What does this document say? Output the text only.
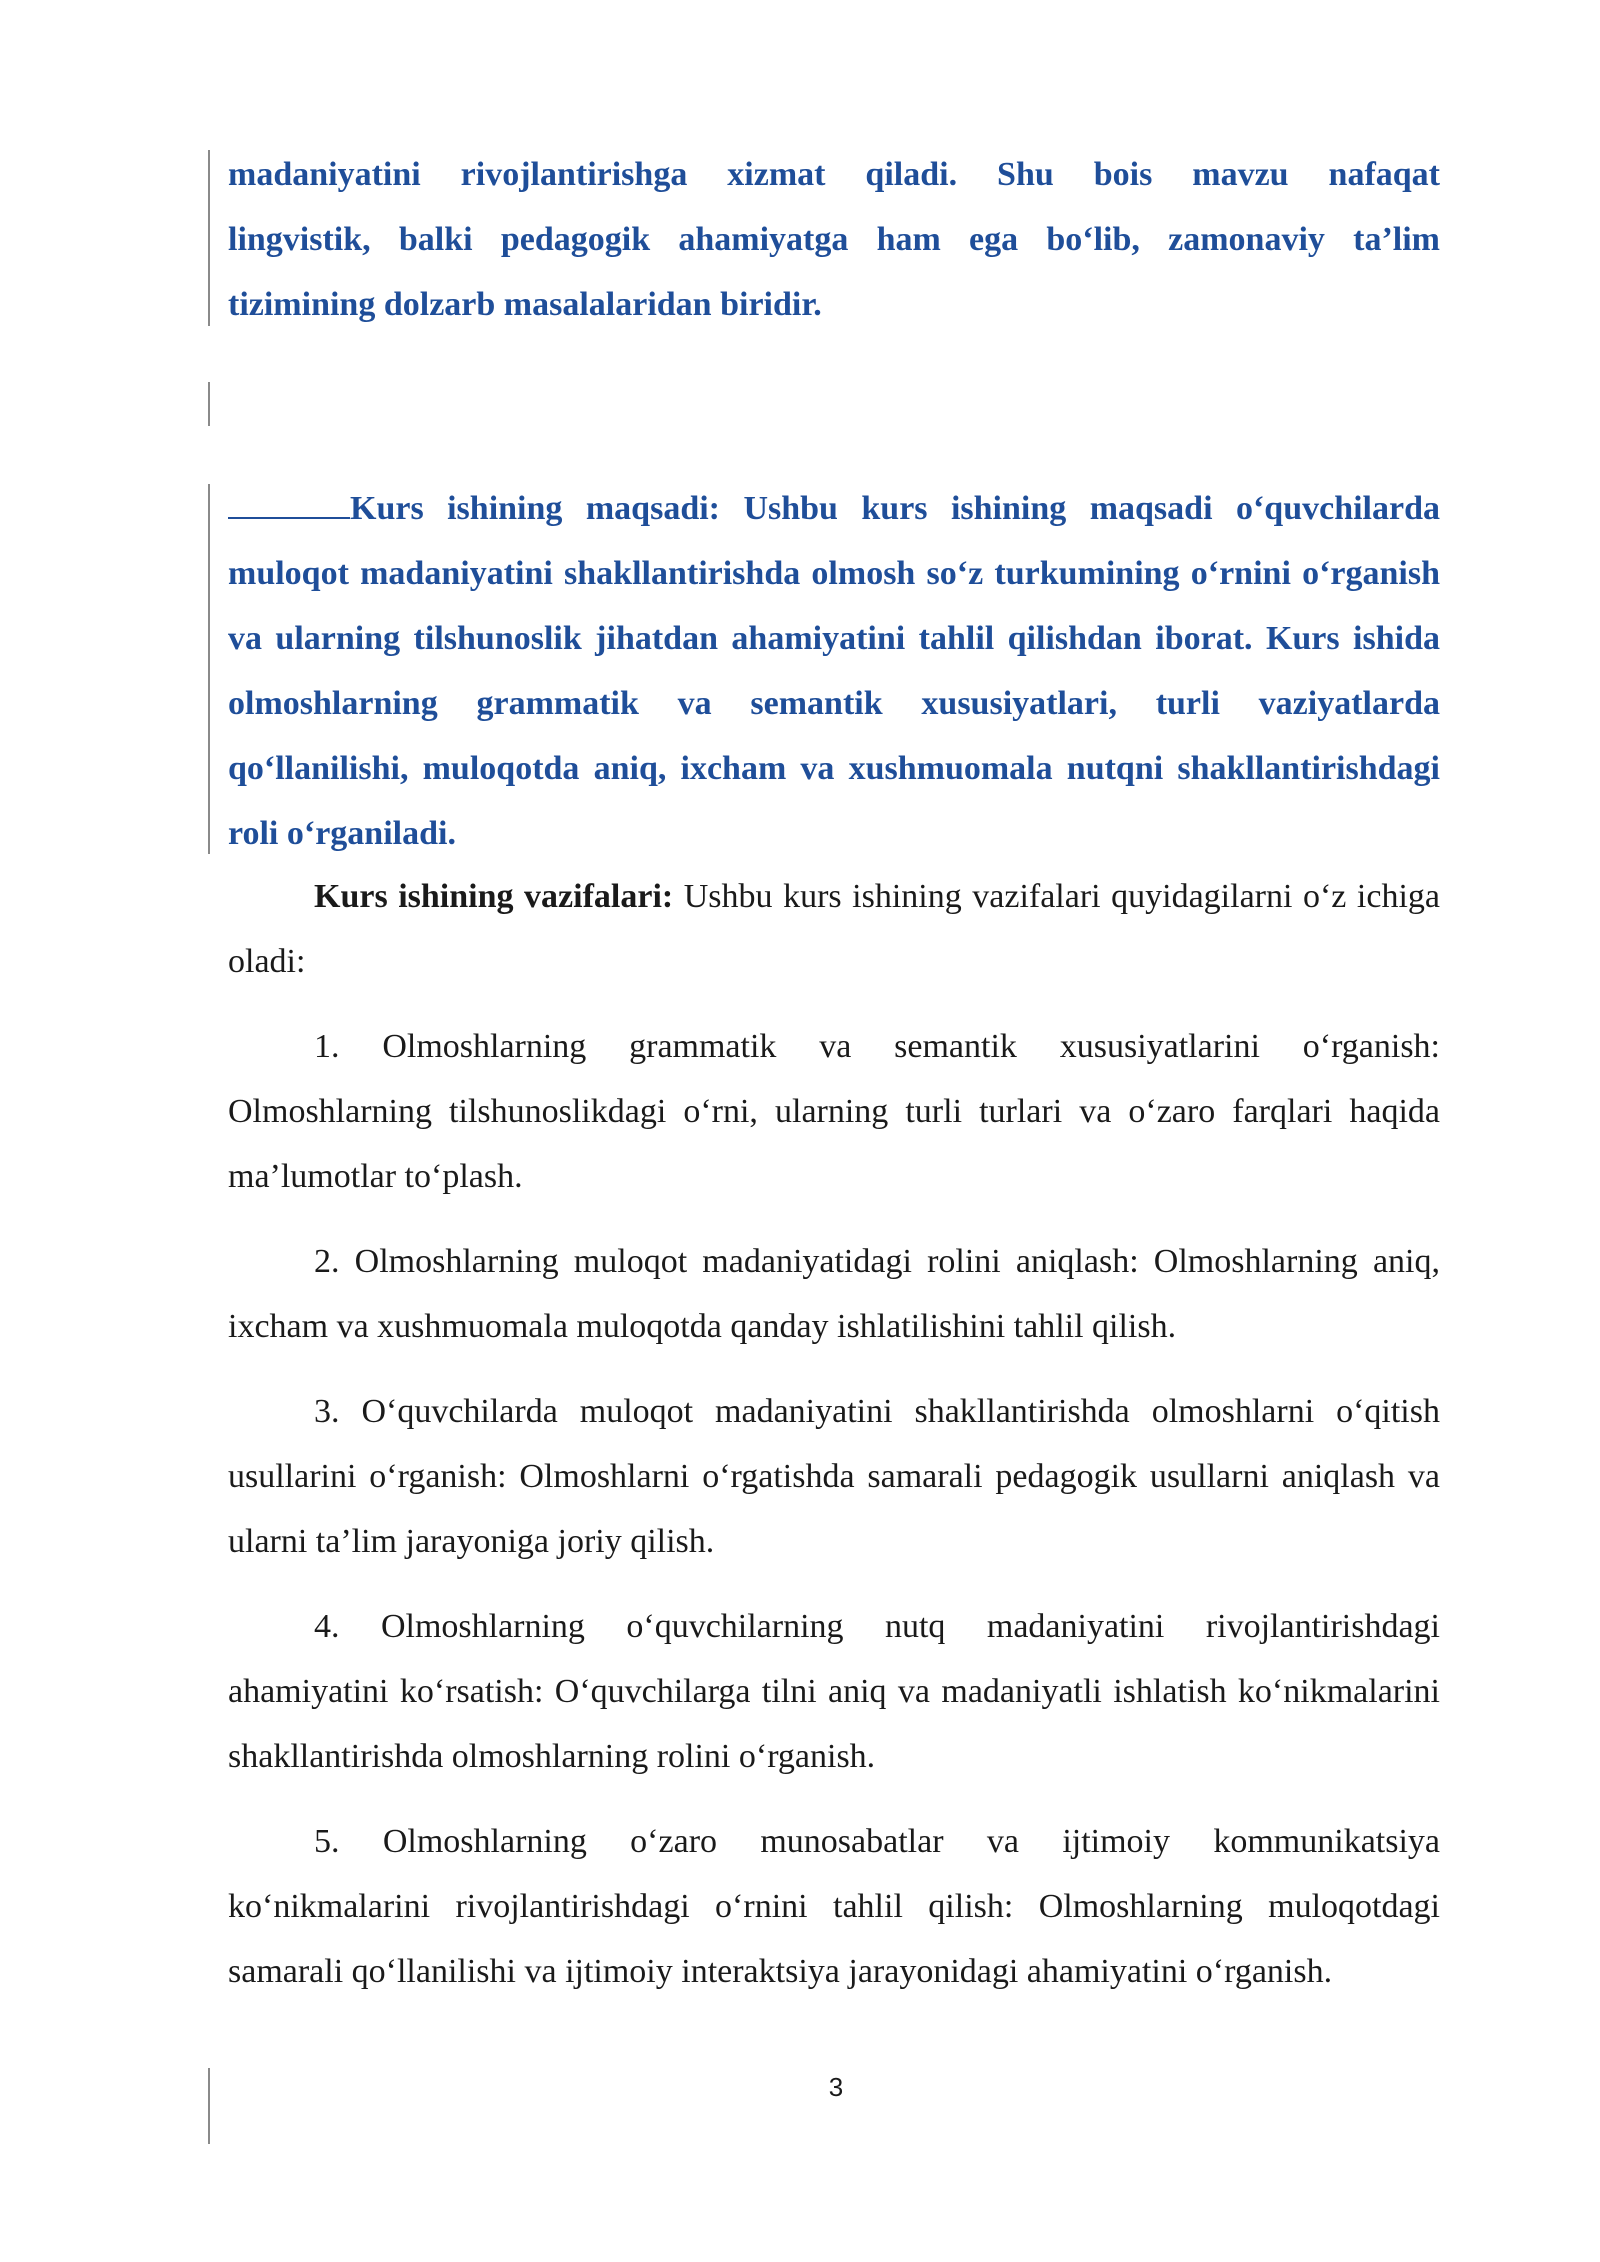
madaniyatini rivojlantirishga xizmat qiladi. Shu bois mavzu nafaqat

lingvistik, balki pedagogik ahamiyatga ham ega bo‘lib, zamonaviy ta’lim

tizimining dolzarb masalalaridan biridir.

Kurs ishining maqsadi: Ushbu kurs ishining maqsadi o‘quvchilarda muloqot madaniyatini shakllantirishda olmosh so‘z turkumining o‘rnini o‘rganish va ularning tilshunoslik jihatdan ahamiyatini tahlil qilishdan iborat. Kurs ishida olmoshlarning grammatik va semantik xususiyatlari, turli vaziyatlarda qo‘llanilishi, muloqotda aniq, ixcham va xushmuomala nutqni shakllantirishdagi roli o‘rganiladi.

Kurs ishining vazifalari: Ushbu kurs ishining vazifalari quyidagilarni o‘z ichiga oladi:

1. Olmoshlarning grammatik va semantik xususiyatlarini o‘rganish: Olmoshlarning tilshunoslikdagi o‘rni, ularning turli turlari va o‘zaro farqlari haqida ma’lumotlar to‘plash.

2. Olmoshlarning muloqot madaniyatidagi rolini aniqlash: Olmoshlarning aniq, ixcham va xushmuomala muloqotda qanday ishlatilishini tahlil qilish.

3. O‘quvchilarda muloqot madaniyatini shakllantirishda olmoshlarni o‘qitish usullarini o‘rganish: Olmoshlarni o‘rgatishda samarali pedagogik usullarni aniqlash va ularni ta’lim jarayoniga joriy qilish.

4. Olmoshlarning o‘quvchilarning nutq madaniyatini rivojlantirishdagi ahamiyatini ko‘rsatish: O‘quvchilarga tilni aniq va madaniyatli ishlatish ko‘nikmalarini shakllantirishda olmoshlarning rolini o‘rganish.

5. Olmoshlarning o‘zaro munosabatlar va ijtimoiy kommunikatsiya ko‘nikmalarini rivojlantirishdagi o‘rnini tahlil qilish: Olmoshlarning muloqotdagi samarali qo‘llanilishi va ijtimoiy interaktsiya jarayonidagi ahamiyatini o‘rganish.

3
